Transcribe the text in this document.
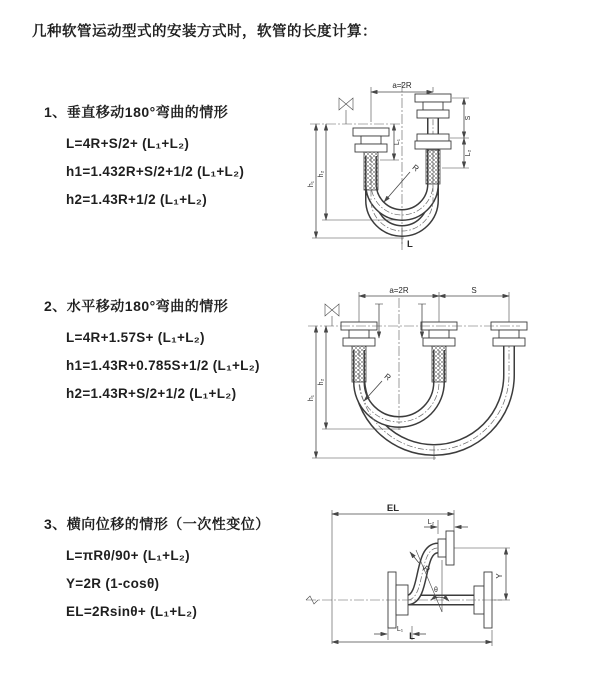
几种软管运动型式的安装方式时，软管的长度计算：
1、垂直移动180°弯曲的情形
L=4R+S/2+ (L₁+L₂)
h1=1.432R+S/2+1/2 (L₁+L₂)
h2=1.43R+1/2 (L₁+L₂)
2、水平移动180°弯曲的情形
L=4R+1.57S+ (L₁+L₂)
h1=1.43R+0.785S+1/2 (L₁+L₂)
h2=1.43R+S/2+1/2 (L₁+L₂)
3、横向位移的情形（一次性变位）
L=πRθ/90+ (L₁+L₂)
Y=2R (1-cosθ)
EL=2Rsinθ+ (L₁+L₂)
a=2R
h₁
h₂
L₁
S
L₂
R
L
a=2R	S
h₁
h₂	R
EL
L₂
Y
R
θ
L₁
L
